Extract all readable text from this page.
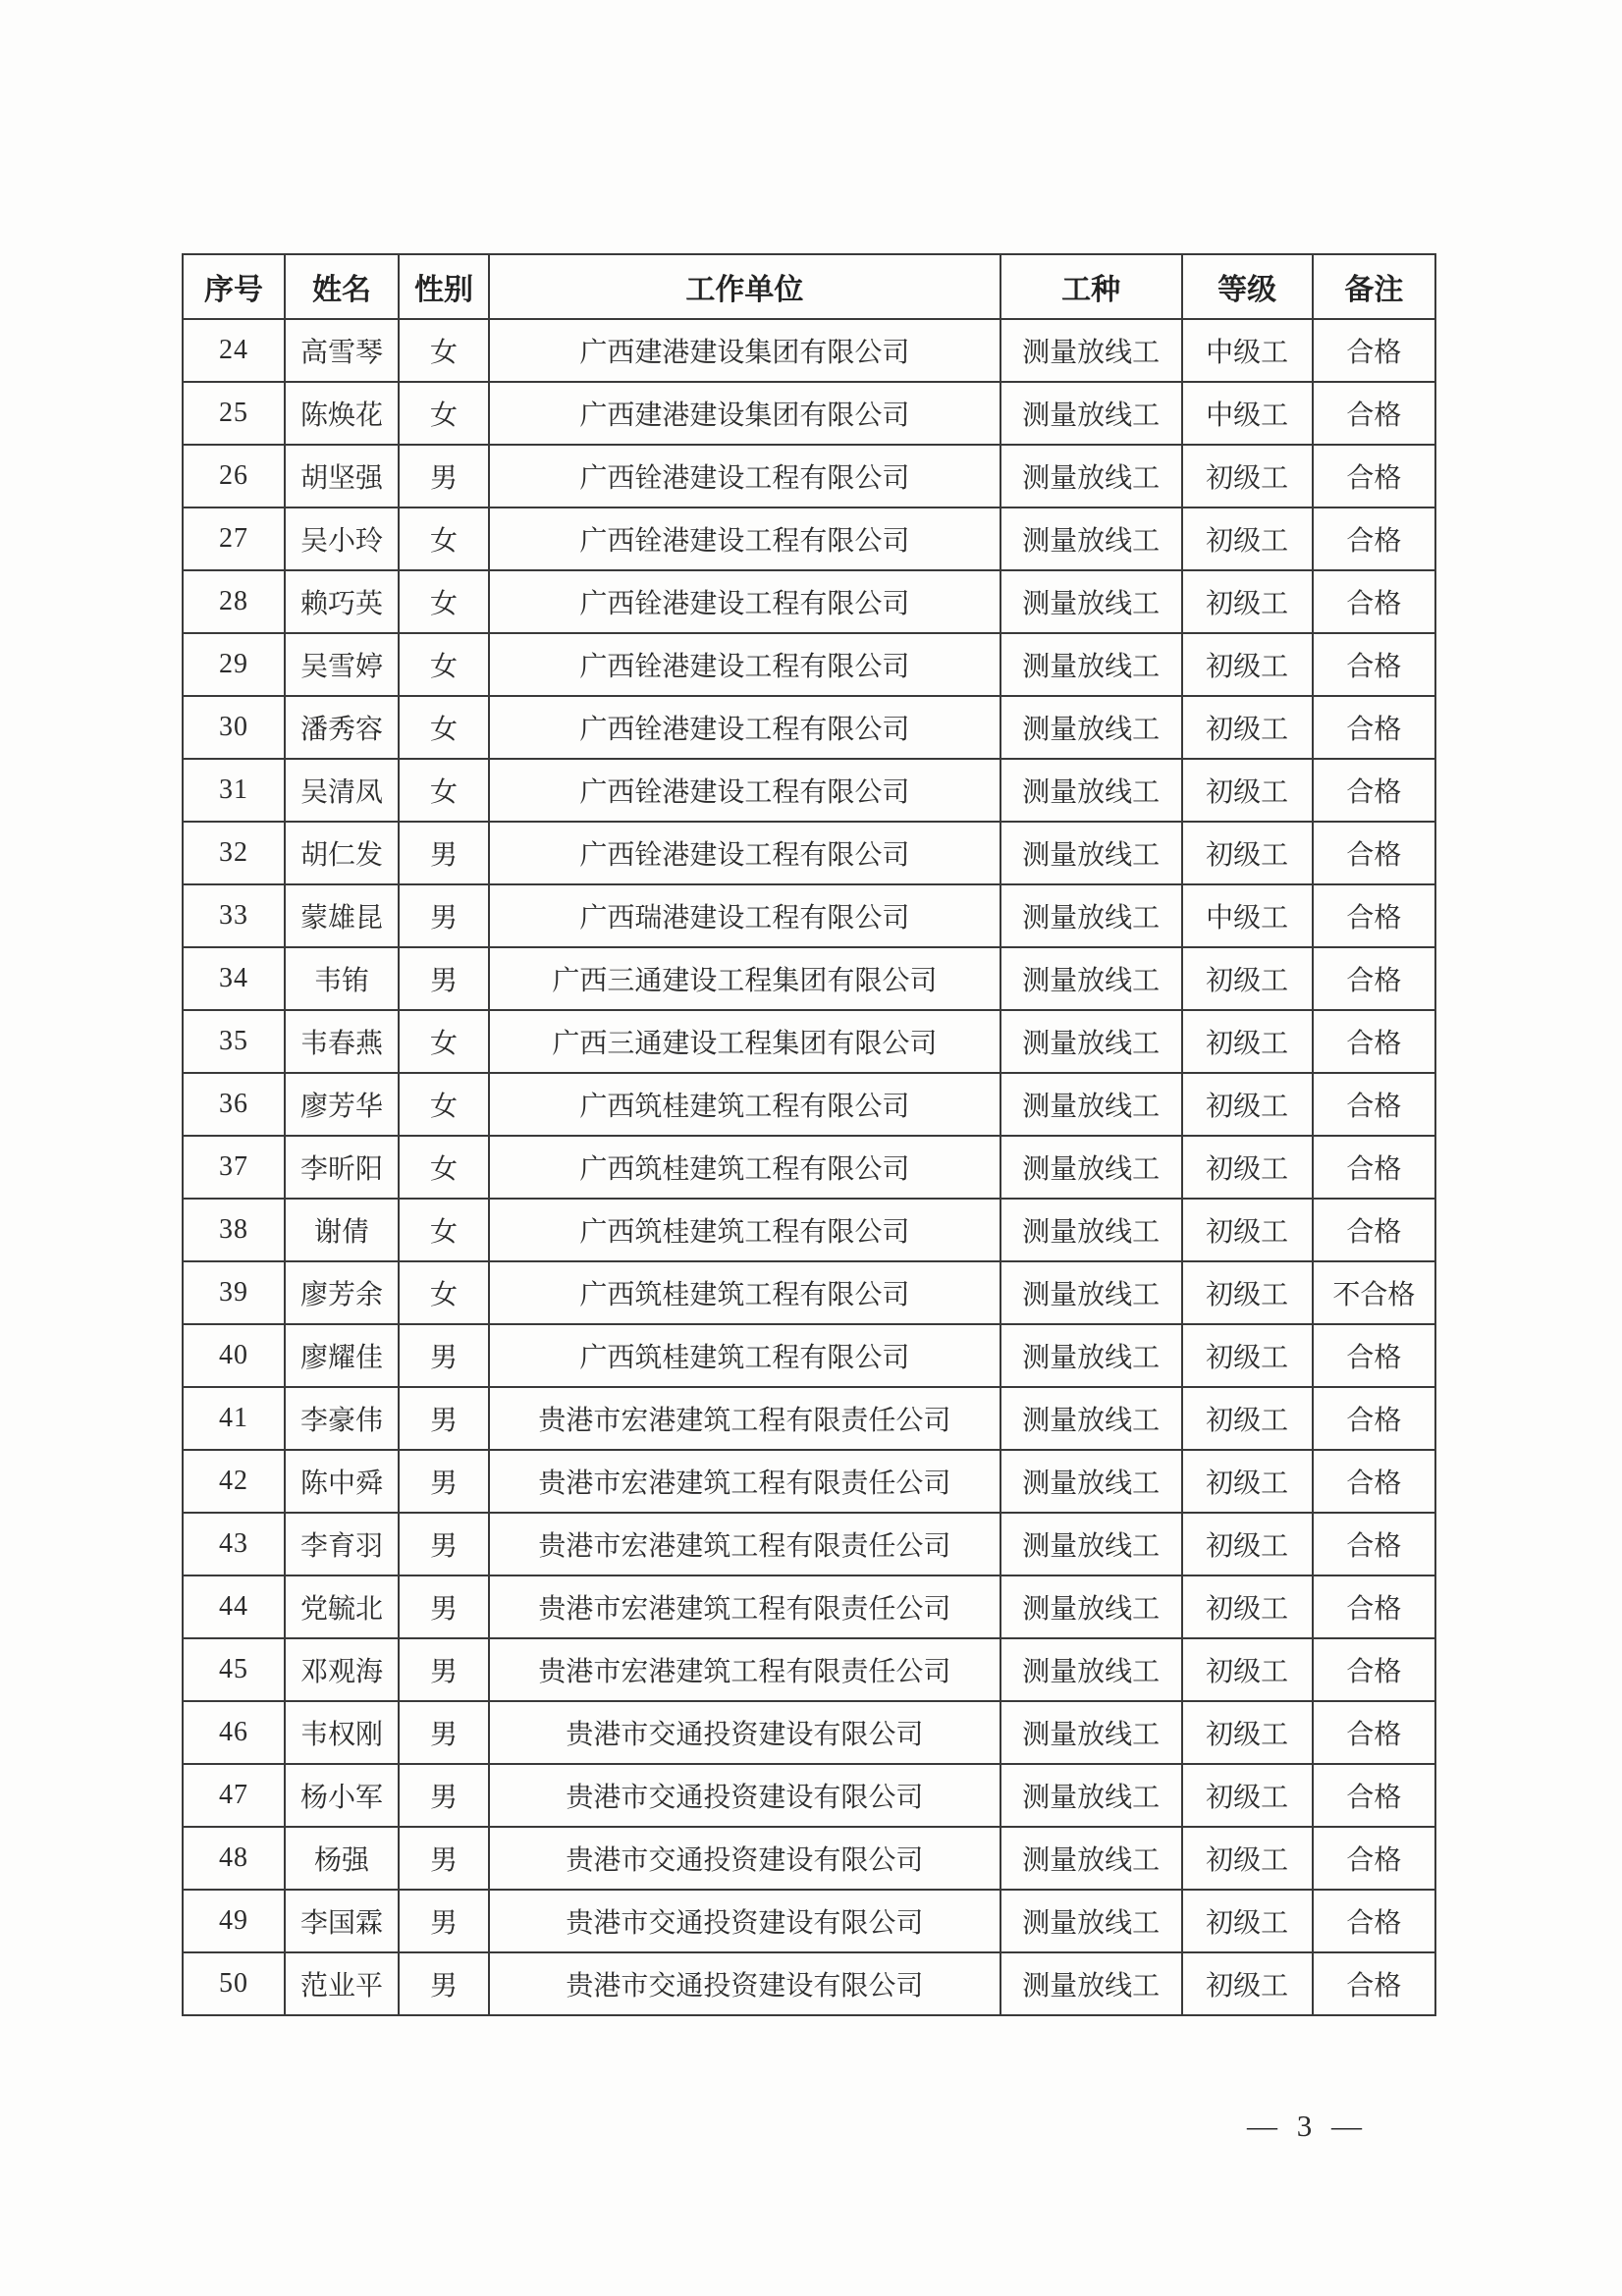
序号	姓名	性别	工作单位	工种	等级	备注
24	高雪琴	女	广西建港建设集团有限公司	测量放线工	中级工	合格
25	陈焕花	女	广西建港建设集团有限公司	测量放线工	中级工	合格
26	胡坚强	男	广西铨港建设工程有限公司	测量放线工	初级工	合格
27	吴小玲	女	广西铨港建设工程有限公司	测量放线工	初级工	合格
28	赖巧英	女	广西铨港建设工程有限公司	测量放线工	初级工	合格
29	吴雪婷	女	广西铨港建设工程有限公司	测量放线工	初级工	合格
30	潘秀容	女	广西铨港建设工程有限公司	测量放线工	初级工	合格
31	吴清凤	女	广西铨港建设工程有限公司	测量放线工	初级工	合格
32	胡仁发	男	广西铨港建设工程有限公司	测量放线工	初级工	合格
33	蒙雄昆	男	广西瑞港建设工程有限公司	测量放线工	中级工	合格
34	韦铕	男	广西三通建设工程集团有限公司	测量放线工	初级工	合格
35	韦春燕	女	广西三通建设工程集团有限公司	测量放线工	初级工	合格
36	廖芳华	女	广西筑桂建筑工程有限公司	测量放线工	初级工	合格
37	李昕阳	女	广西筑桂建筑工程有限公司	测量放线工	初级工	合格
38	谢倩	女	广西筑桂建筑工程有限公司	测量放线工	初级工	合格
39	廖芳余	女	广西筑桂建筑工程有限公司	测量放线工	初级工	不合格
40	廖耀佳	男	广西筑桂建筑工程有限公司	测量放线工	初级工	合格
41	李豪伟	男	贵港市宏港建筑工程有限责任公司	测量放线工	初级工	合格
42	陈中舜	男	贵港市宏港建筑工程有限责任公司	测量放线工	初级工	合格
43	李育羽	男	贵港市宏港建筑工程有限责任公司	测量放线工	初级工	合格
44	党毓北	男	贵港市宏港建筑工程有限责任公司	测量放线工	初级工	合格
45	邓观海	男	贵港市宏港建筑工程有限责任公司	测量放线工	初级工	合格
46	韦权刚	男	贵港市交通投资建设有限公司	测量放线工	初级工	合格
47	杨小军	男	贵港市交通投资建设有限公司	测量放线工	初级工	合格
48	杨强	男	贵港市交通投资建设有限公司	测量放线工	初级工	合格
49	李国霖	男	贵港市交通投资建设有限公司	测量放线工	初级工	合格
50	范业平	男	贵港市交通投资建设有限公司	测量放线工	初级工	合格
— 3 —
